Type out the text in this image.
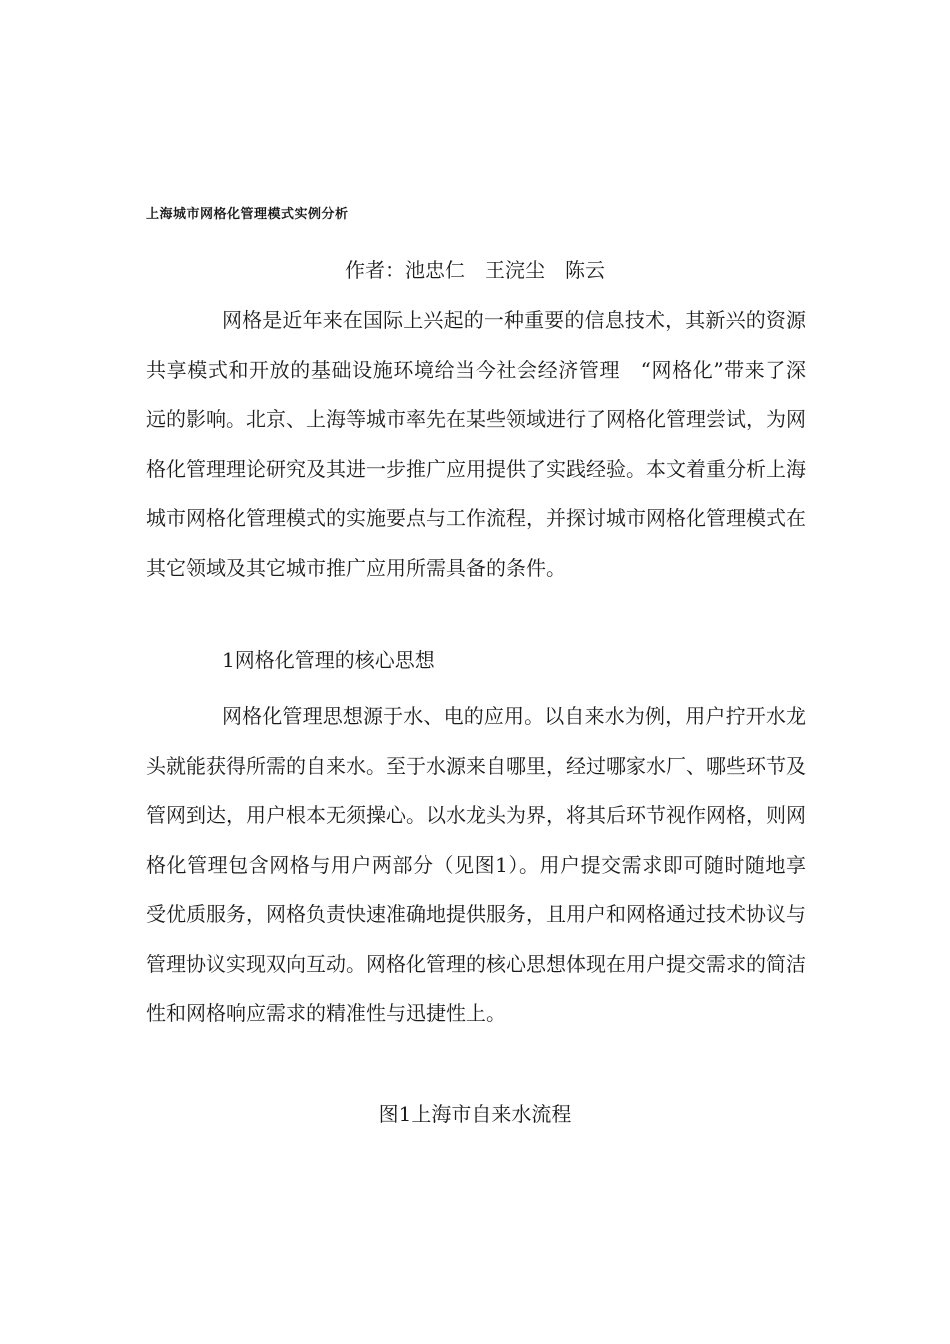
上海城市网格化管理模式实例分析
作者：池忠仁　王浣尘　陈云

网格是近年来在国际上兴起的一种重要的信息技术，其新兴的资源共享模式和开放的基础设施环境给当今社会经济管理　“网格化”带来了深远的影响。北京、上海等城市率先在某些领域进行了网格化管理尝试，为网格化管理理论研究及其进一步推广应用提供了实践经验。本文着重分析上海城市网格化管理模式的实施要点与工作流程，并探讨城市网格化管理模式在其它领域及其它城市推广应用所需具备的条件。

1网格化管理的核心思想

网格化管理思想源于水、电的应用。以自来水为例，用户拧开水龙头就能获得所需的自来水。至于水源来自哪里，经过哪家水厂、哪些环节及管网到达，用户根本无须操心。以水龙头为界，将其后环节视作网格，则网格化管理包含网格与用户两部分（见图1）。用户提交需求即可随时随地享受优质服务，网格负责快速准确地提供服务，且用户和网格通过技术协议与管理协议实现双向互动。网格化管理的核心思想体现在用户提交需求的简洁性和网格响应需求的精准性与迅捷性上。

图1上海市自来水流程
